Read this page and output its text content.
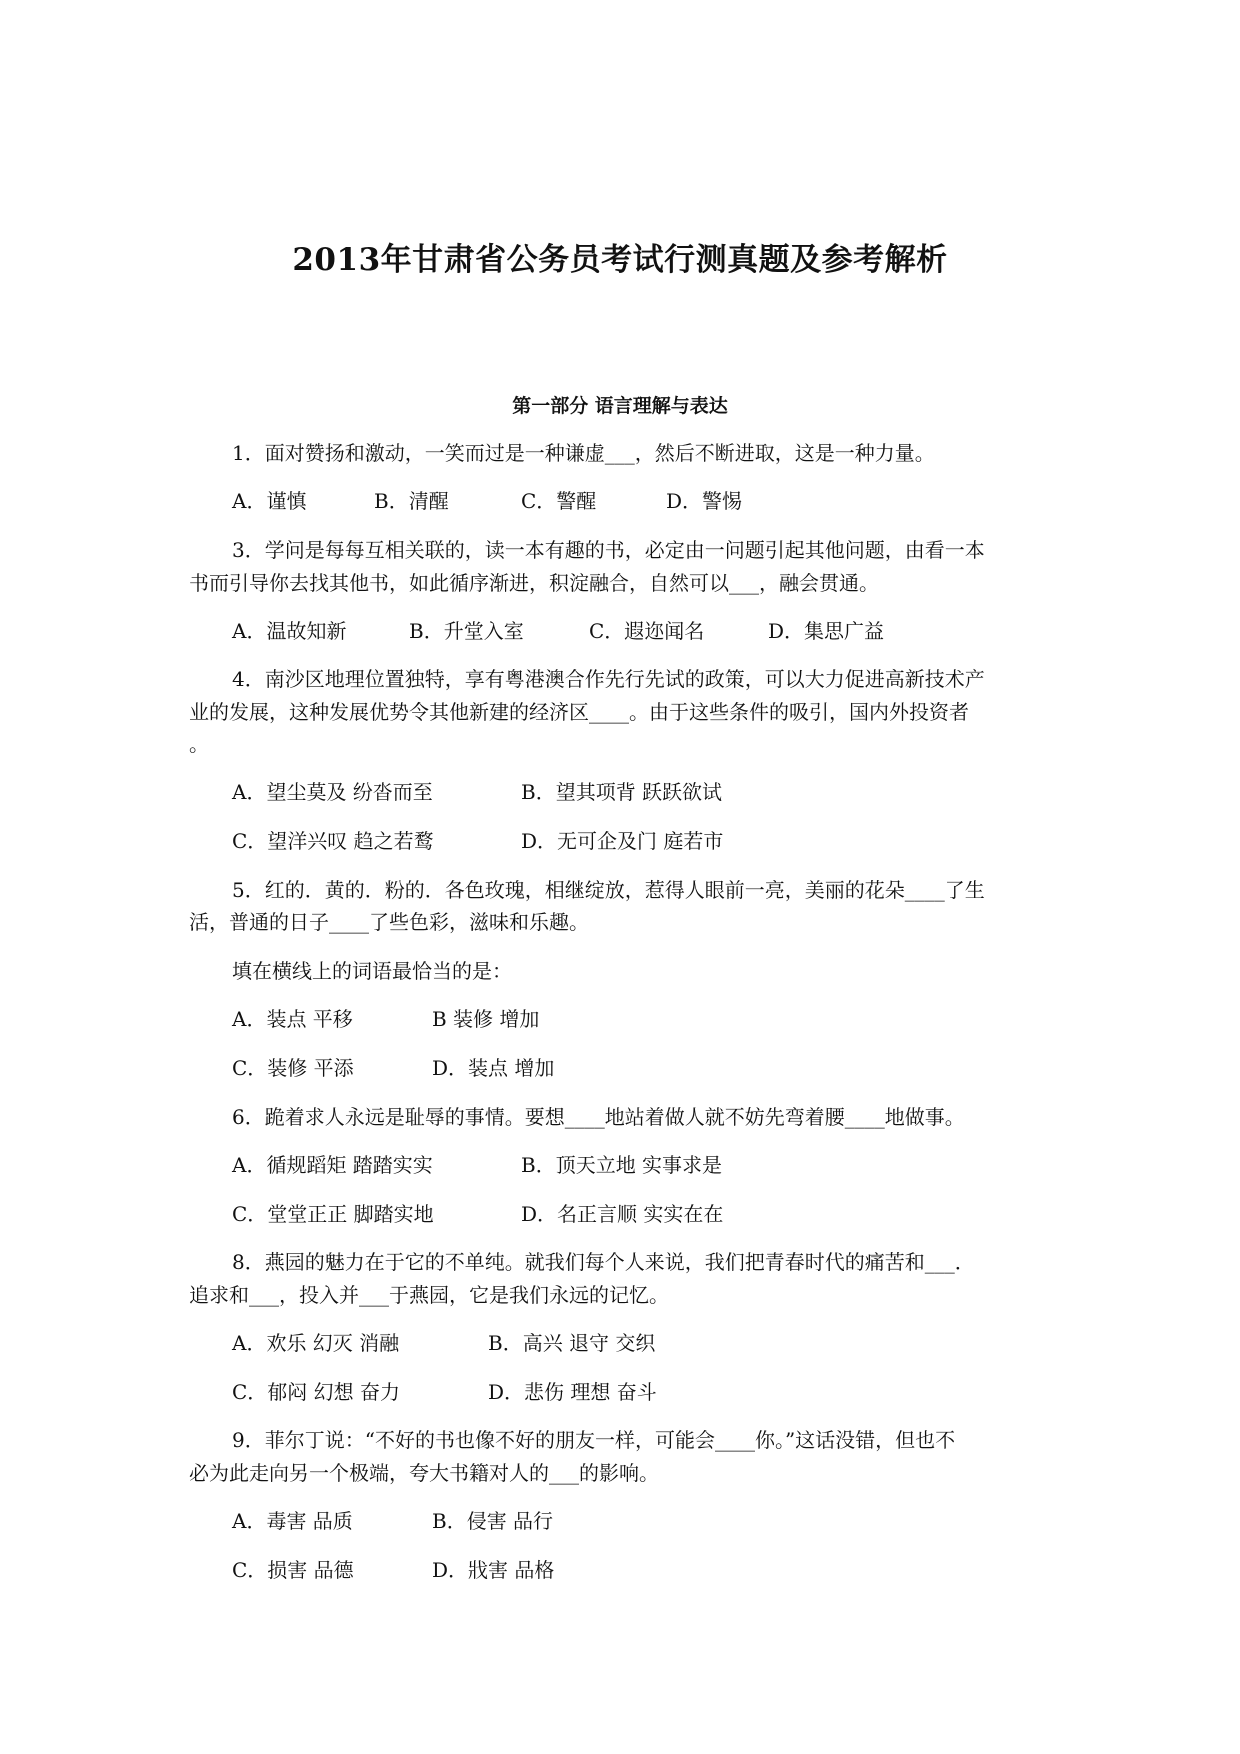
2013年甘肃省公务员考试行测真题及参考解析
第一部分 语言理解与表达

1．面对赞扬和激动，一笑而过是一种谦虚___，然后不断进取，这是一种力量。

A．谨慎	B．清醒	C．警醒	D．警惕

3．学问是每每互相关联的，读一本有趣的书，必定由一问题引起其他问题，由看一本

书而引导你去找其他书，如此循序渐进，积淀融合，自然可以___，融会贯通。

A．温故知新	B．升堂入室	C．遐迩闻名	D．集思广益

4．南沙区地理位置独特，享有粤港澳合作先行先试的政策，可以大力促进高新技术产

业的发展，这种发展优势令其他新建的经济区____。由于这些条件的吸引，国内外投资者

。

A．望尘莫及 纷沓而至	B．望其项背 跃跃欲试

C．望洋兴叹 趋之若鹜	D．无可企及门 庭若市

5．红的．黄的．粉的．各色玫瑰，相继绽放，惹得人眼前一亮，美丽的花朵____了生

活，普通的日子____了些色彩，滋味和乐趣。

填在横线上的词语最恰当的是：

A．装点 平移	B 装修 增加

C．装修 平添	D．装点 增加

6．跪着求人永远是耻辱的事情。要想____地站着做人就不妨先弯着腰____地做事。

A．循规蹈矩 踏踏实实	B．顶天立地 实事求是

C．堂堂正正 脚踏实地	D．名正言顺 实实在在

8．燕园的魅力在于它的不单纯。就我们每个人来说，我们把青春时代的痛苦和___．

追求和___，投入并___于燕园，它是我们永远的记忆。

A．欢乐 幻灭 消融	B．高兴 退守 交织

C．郁闷 幻想 奋力	D．悲伤 理想 奋斗

9．菲尔丁说：“不好的书也像不好的朋友一样，可能会____你。”这话没错，但也不

必为此走向另一个极端，夸大书籍对人的___的影响。

A．毒害 品质	B．侵害 品行

C．损害 品德	D．戕害 品格
